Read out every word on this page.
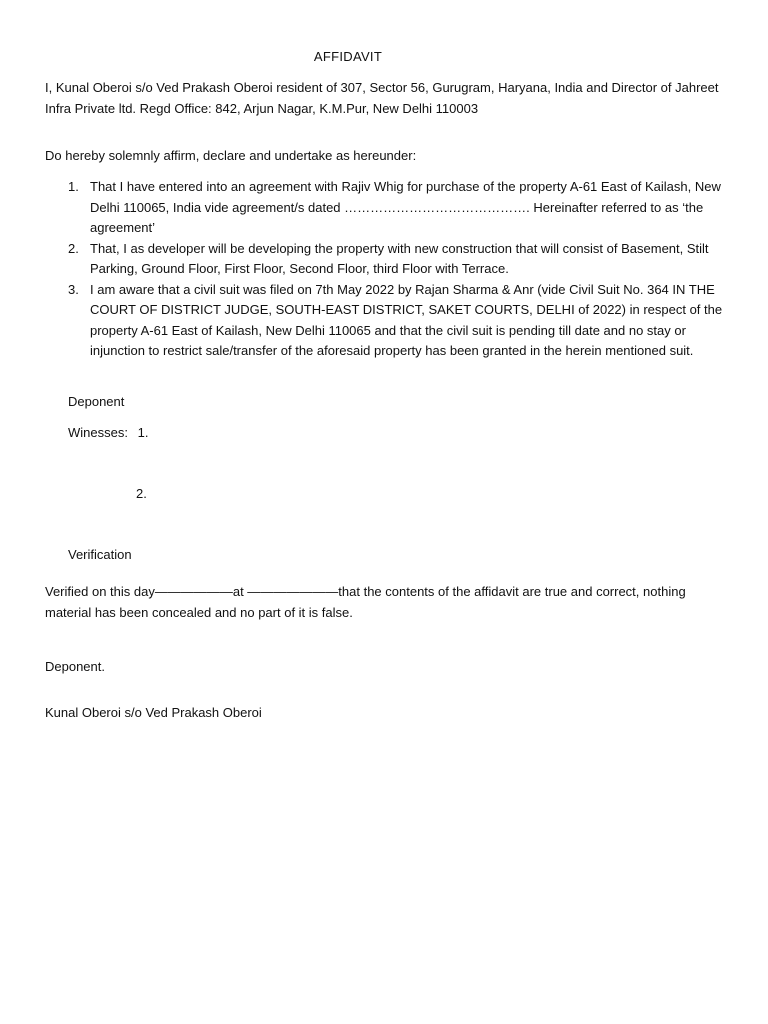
AFFIDAVIT

I, Kunal Oberoi s/o Ved Prakash Oberoi resident of 307, Sector 56, Gurugram, Haryana, India and Director of Jahreet Infra Private ltd. Regd Office: 842, Arjun Nagar, K.M.Pur, New Delhi 110003

Do hereby solemnly affirm, declare and undertake as hereunder:

1. That I have entered into an agreement with Rajiv Whig for purchase of the property A-61 East of Kailash, New Delhi 110065, India vide agreement/s dated ……………………………………. Hereinafter referred to as ‘the agreement’
2. That, I as developer will be developing the property with new construction that will consist of Basement, Stilt Parking, Ground Floor, First Floor, Second Floor, third Floor with Terrace.
3. I am aware that a civil suit was filed on 7th May 2022 by Rajan Sharma & Anr (vide Civil Suit No. 364 IN THE COURT OF DISTRICT JUDGE, SOUTH-EAST DISTRICT, SAKET COURTS, DELHI of 2022) in respect of the property A-61 East of Kailash, New Delhi 110065 and that the civil suit is pending till date and no stay or injunction to restrict sale/transfer of the aforesaid property has been granted in the herein mentioned suit.
Deponent
Winesses: 1.
2.
Verification

Verified on this day——————at ———————that the contents of the affidavit are true and correct, nothing material has been concealed and no part of it is false.

Deponent.
Kunal Oberoi s/o Ved Prakash Oberoi
